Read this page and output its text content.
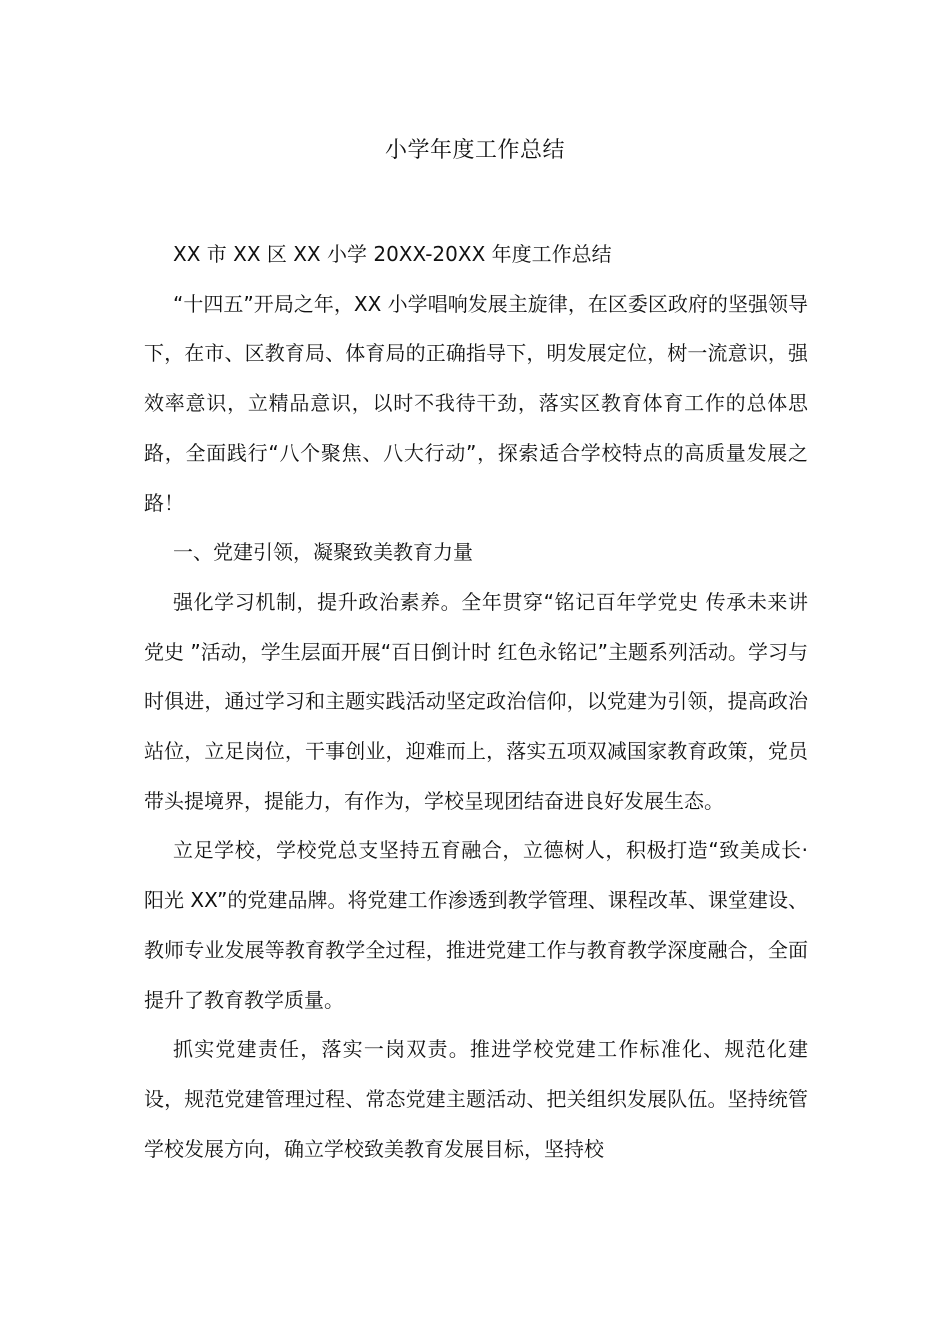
小学年度工作总结

XX 市 XX 区 XX 小学 20XX-20XX 年度工作总结

“十四五”开局之年，XX 小学唱响发展主旋律，在区委区政府的坚强领导下，在市、区教育局、体育局的正确指导下，明发展定位，树一流意识，强效率意识，立精品意识，以时不我待干劲，落实区教育体育工作的总体思路，全面践行“八个聚焦、八大行动”，探索适合学校特点的高质量发展之路！

一、党建引领，凝聚致美教育力量

强化学习机制，提升政治素养。全年贯穿“铭记百年学党史 传承未来讲党史 ”活动，学生层面开展“百日倒计时 红色永铭记”主题系列活动。学习与时俱进，通过学习和主题实践活动坚定政治信仰，以党建为引领，提高政治站位，立足岗位，干事创业，迎难而上，落实五项双减国家教育政策，党员带头提境界，提能力，有作为，学校呈现团结奋进良好发展生态。

立足学校，学校党总支坚持五育融合，立德树人，积极打造“致美成长·阳光 XX”的党建品牌。将党建工作渗透到教学管理、课程改革、课堂建设、教师专业发展等教育教学全过程，推进党建工作与教育教学深度融合，全面提升了教育教学质量。

抓实党建责任，落实一岗双责。推进学校党建工作标准化、规范化建设，规范党建管理过程、常态党建主题活动、把关组织发展队伍。坚持统管学校发展方向，确立学校致美教育发展目标，坚持校
